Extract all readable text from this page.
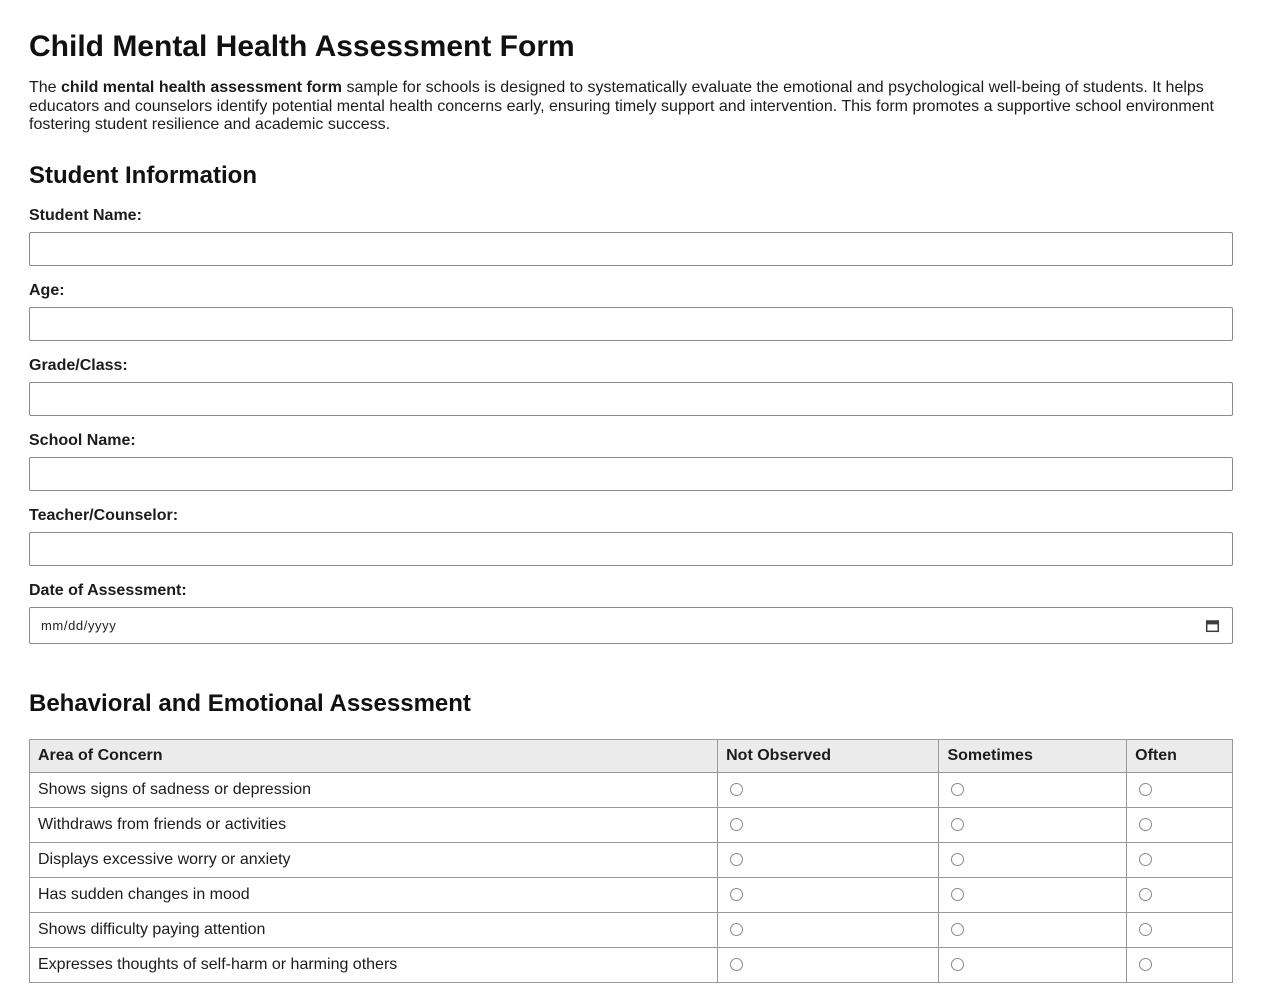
Child Mental Health Assessment Form

The child mental health assessment form sample for schools is designed to systematically evaluate the emotional and psychological well-being of students. It helps educators and counselors identify potential mental health concerns early, ensuring timely support and intervention. This form promotes a supportive school environment fostering student resilience and academic success.

Student Information
Student Name:
Age:
Grade/Class:
School Name:
Teacher/Counselor:
Date of Assessment:
mm/dd/yyyy
Behavioral and Emotional Assessment
Area of Concern	Not Observed	Sometimes	Often
Shows signs of sadness or depression			
Withdraws from friends or activities			
Displays excessive worry or anxiety			
Has sudden changes in mood			
Shows difficulty paying attention			
Expresses thoughts of self-harm or harming others			
